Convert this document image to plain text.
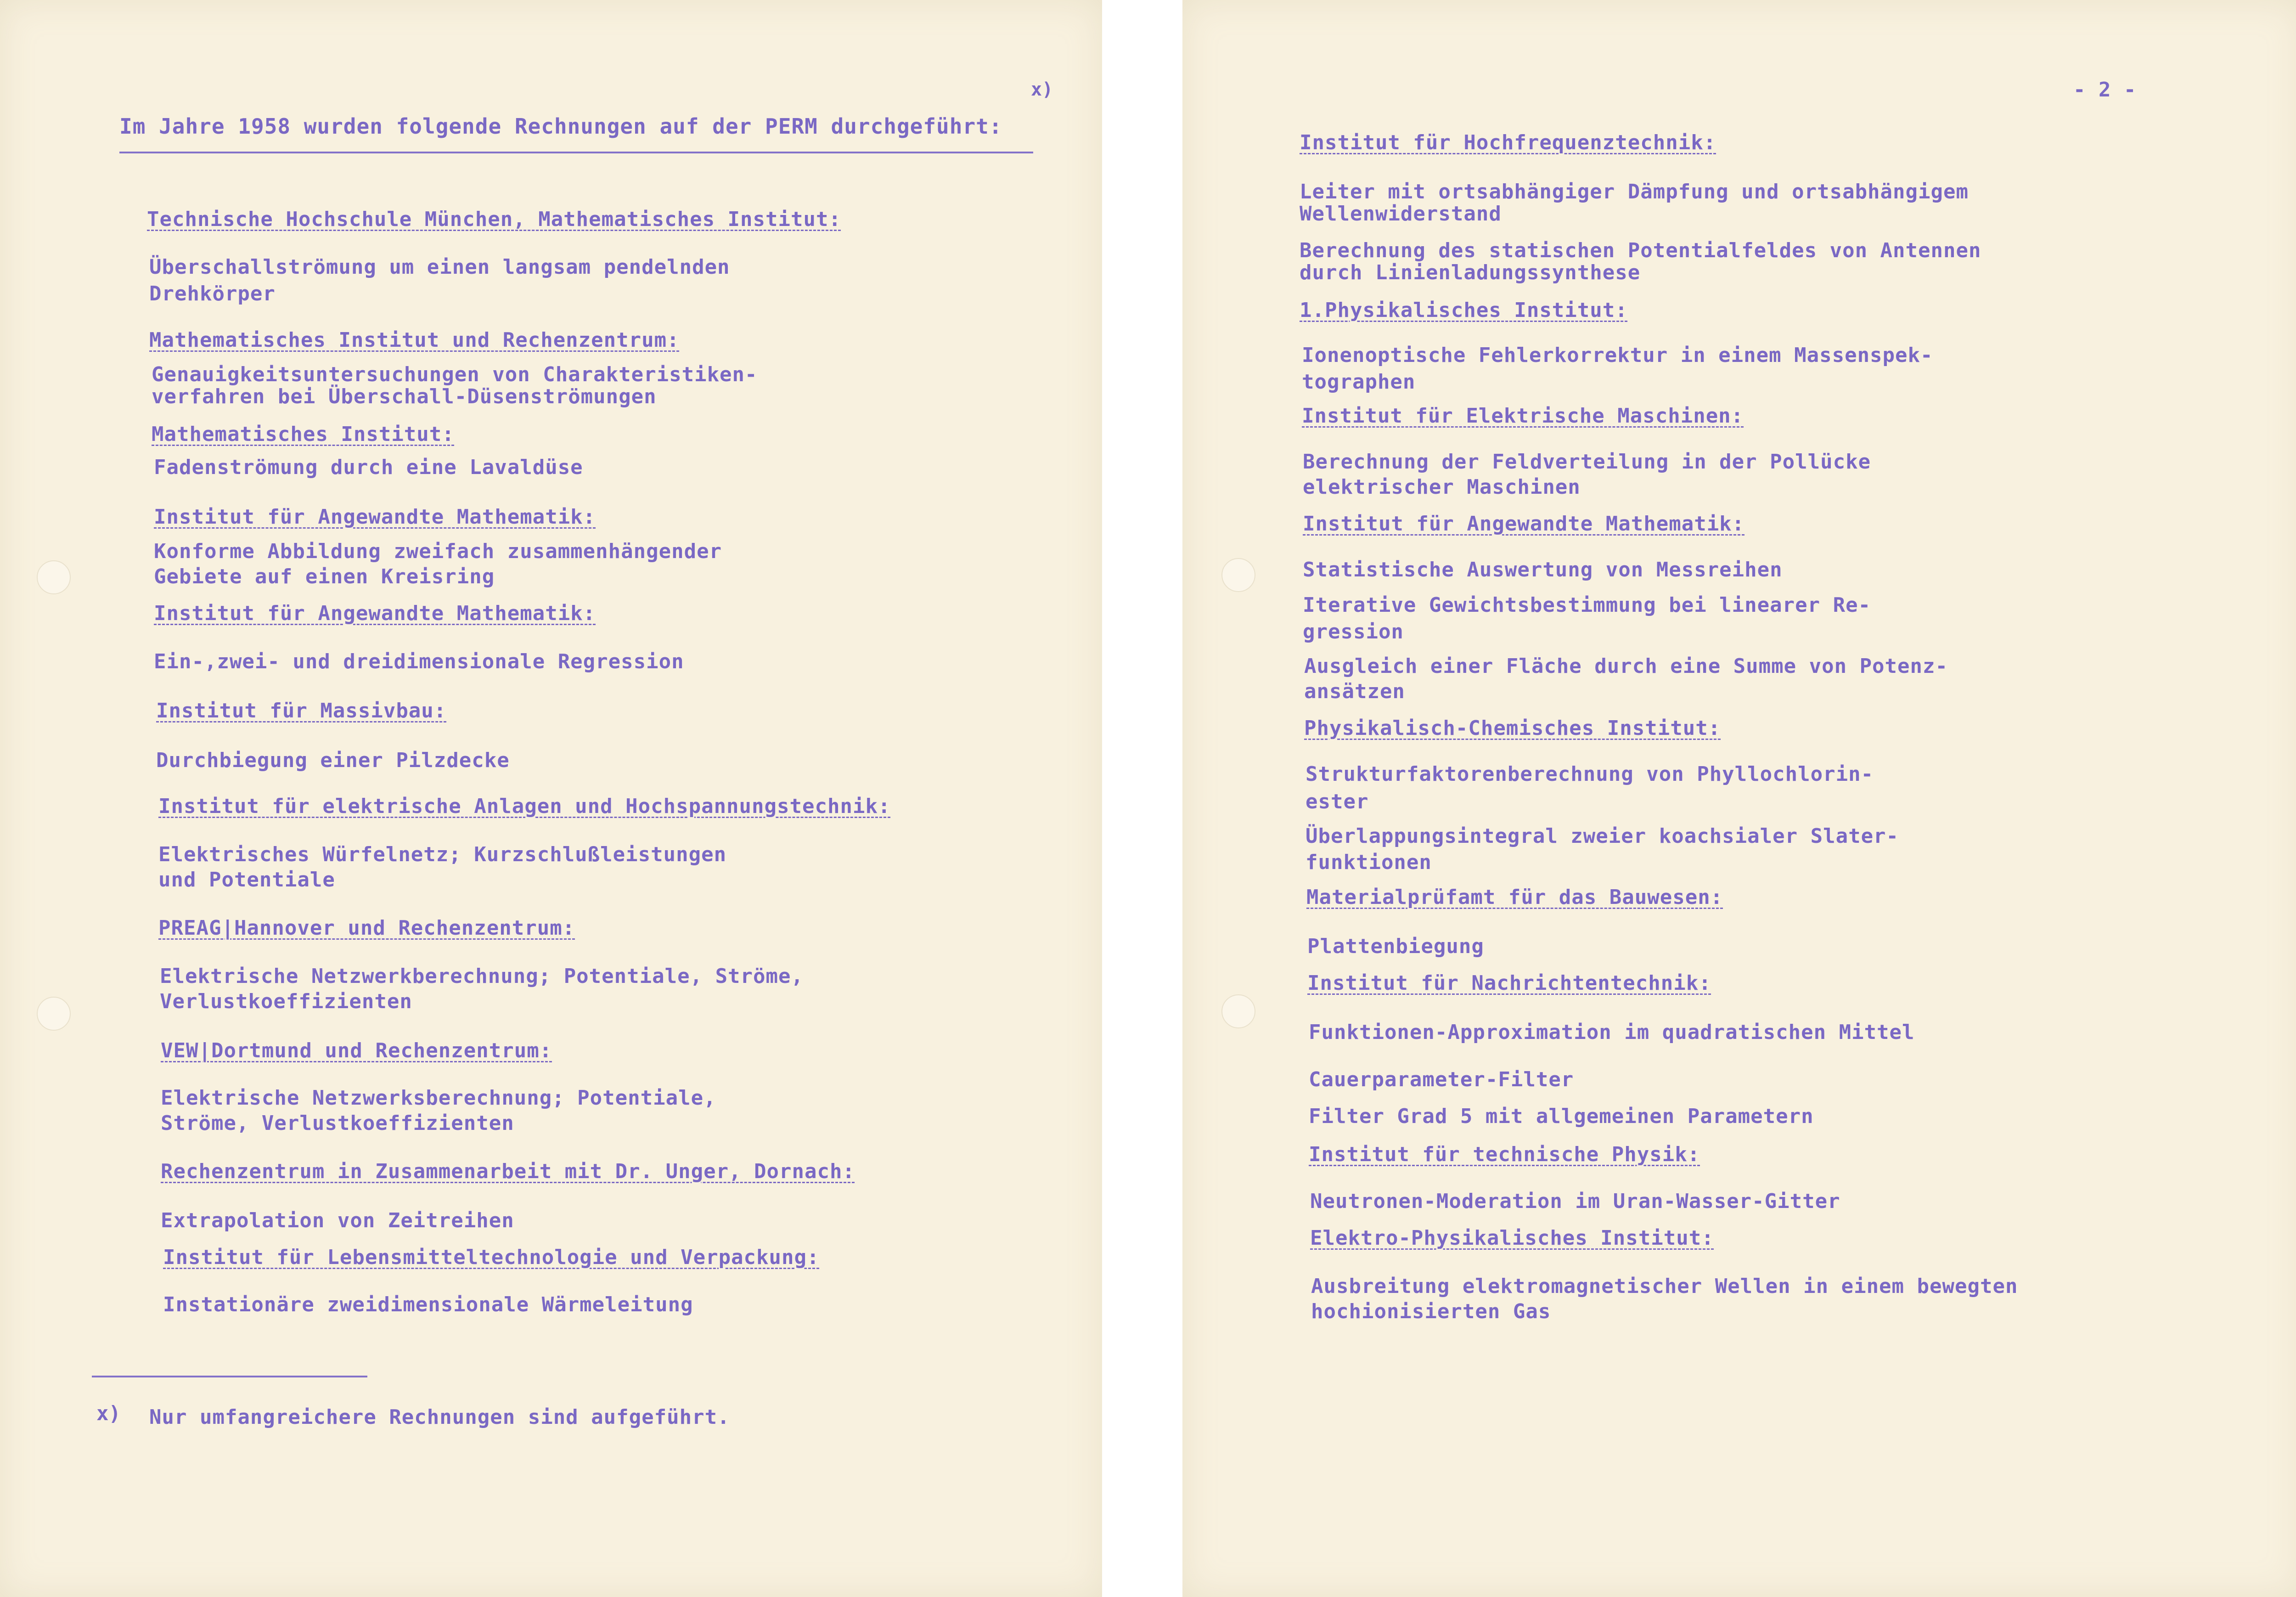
Im Jahre 1958 wurden folgende Rechnungen auf der PERM durchgeführt:
x)
Technische Hochschule München, Mathematisches Institut:
Überschallströmung um einen langsam pendelnden
Drehkörper
Mathematisches Institut und Rechenzentrum:
Genauigkeitsuntersuchungen von Charakteristiken-
verfahren bei Überschall-Düsenströmungen
Mathematisches Institut:
Fadenströmung durch eine Lavaldüse
Institut für Angewandte Mathematik:
Konforme Abbildung zweifach zusammenhängender
Gebiete auf einen Kreisring
Institut für Angewandte Mathematik:
Ein-,zwei- und dreidimensionale Regression
Institut für Massivbau:
Durchbiegung einer Pilzdecke
Institut für elektrische Anlagen und Hochspannungstechnik:
Elektrisches Würfelnetz; Kurzschlußleistungen
und Potentiale
PREAG|Hannover und Rechenzentrum:
Elektrische Netzwerkberechnung; Potentiale, Ströme,
Verlustkoeffizienten
VEW|Dortmund und Rechenzentrum:
Elektrische Netzwerksberechnung; Potentiale,
Ströme, Verlustkoeffizienten
Rechenzentrum in Zusammenarbeit mit Dr. Unger, Dornach:
Extrapolation von Zeitreihen
Institut für Lebensmitteltechnologie und Verpackung:
Instationäre zweidimensionale Wärmeleitung
x) Nur umfangreichere Rechnungen sind aufgeführt.
- 2 -
Institut für Hochfrequenztechnik:
Leiter mit ortsabhängiger Dämpfung und ortsabhängigem
Wellenwiderstand
Berechnung des statischen Potentialfeldes von Antennen
durch Linienladungssynthese
1.Physikalisches Institut:
Ionenoptische Fehlerkorrektur in einem Massenspek-
tographen
Institut für Elektrische Maschinen:
Berechnung der Feldverteilung in der Pollücke
elektrischer Maschinen
Institut für Angewandte Mathematik:
Statistische Auswertung von Messreihen
Iterative Gewichtsbestimmung bei linearer Re-
gression
Ausgleich einer Fläche durch eine Summe von Potenz-
ansätzen
Physikalisch-Chemisches Institut:
Strukturfaktorenberechnung von Phyllochlorin-
ester
Überlappungsintegral zweier koachsialer Slater-
funktionen
Materialprüfamt für das Bauwesen:
Plattenbiegung
Institut für Nachrichtentechnik:
Funktionen-Approximation im quadratischen Mittel
Cauerparameter-Filter
Filter Grad 5 mit allgemeinen Parametern
Institut für technische Physik:
Neutronen-Moderation im Uran-Wasser-Gitter
Elektro-Physikalisches Institut:
Ausbreitung elektromagnetischer Wellen in einem bewegten
hochionisierten Gas
